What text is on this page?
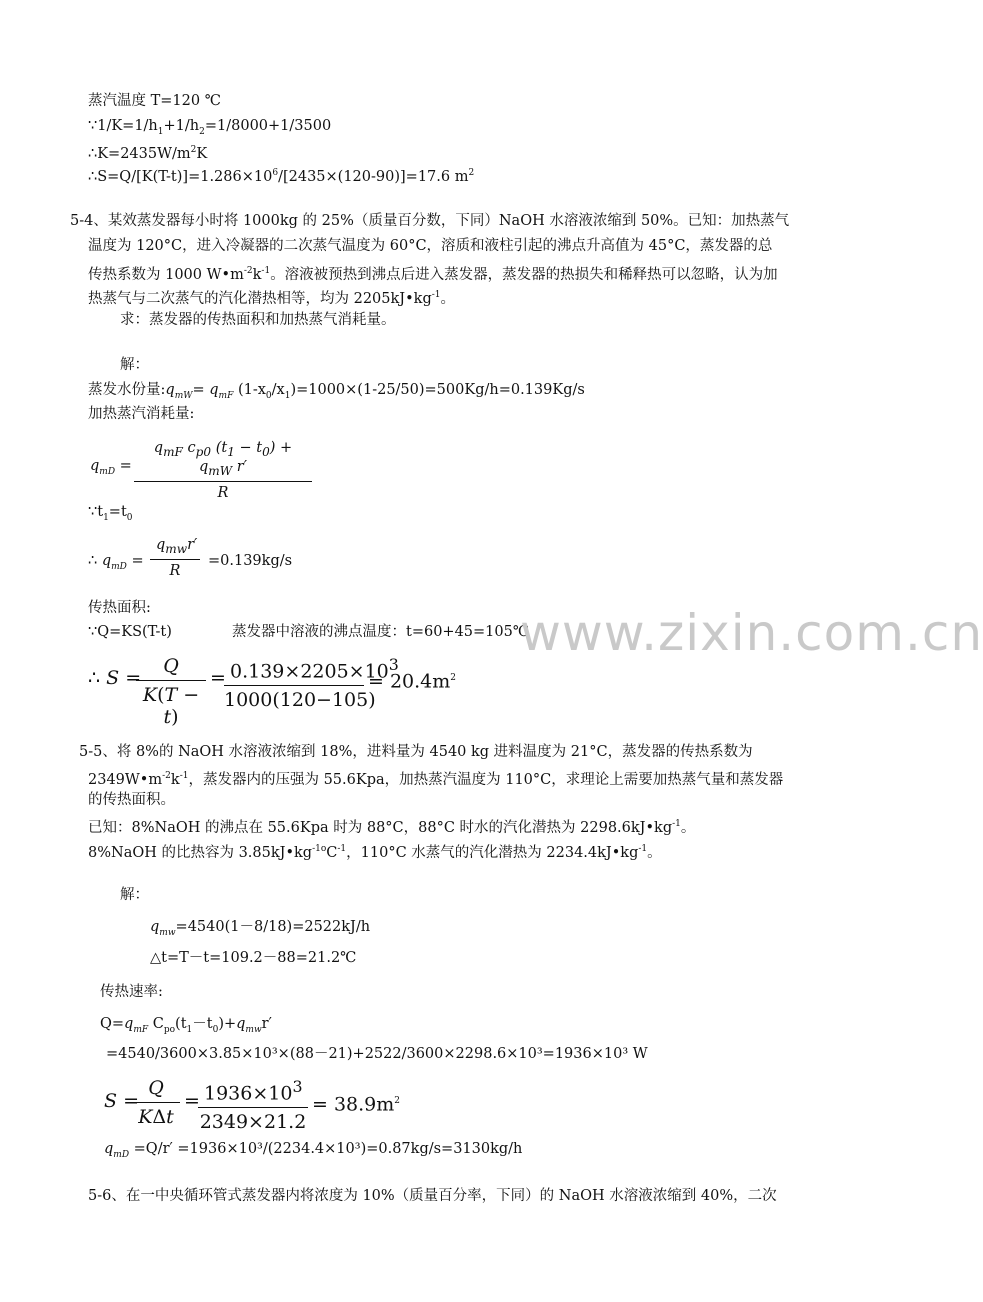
蒸汽温度 T=120 ℃
$\because 1/K=1/h_1+1/h_2=1/8000+1/3500$
$\therefore K=2435W/m^2K$
$\therefore S=Q/[K(T-t)]=1.286\times 10^6/[2435\times(120-90)]=17.6$ $m^2$
5-4、某效蒸发器每小时将 1000kg 的 25%（质量百分数，下同）NaOH 水溶液浓缩到 50%。已知：加热蒸气
温度为 120°C，进入冷凝器的二次蒸气温度为 60°C，溶质和液柱引起的沸点升高值为 45°C，蒸发器的总
传热系数为 1000 $W•m^{-2}k^{-1}$。溶液被预热到沸点后进入蒸发器，蒸发器的热损失和稀释热可以忽略，认为加
热蒸气与二次蒸气的汽化潜热相等，均为 $2205kJ•kg^{-1}$。
求：蒸发器的传热面积和加热蒸气消耗量。
解：
蒸发水份量$:q_{mW}= q_{mF}$ $(1-x_0/x_1)=1000\times(1-25/50)=500Kg/h=0.139Kg/s$
加热蒸汽消耗量:
$q_{mD}$ =
$q_{mF}$ $c_{p0}$ $(t_1 - t_0) + q_{mW}$ r′
R
$\because t_1=t_0$
∴ $q_{mD}$ =
$q_{mw}r'$
R
=0.139kg/s
传热面积:
∵Q=KS(T-t)	蒸发器中溶液的沸点温度：t=60+45=105℃
∴ S =
$\frac{Q}{K(T - t)}$ =
$\frac{0.139\times 2205\times 10^3}{1000(120-105)} = 20.4m^2$
5-5、将 8%的 NaOH 水溶液浓缩到 18%，进料量为 4540 kg 进料温度为 21°C，蒸发器的传热系数为
$2349W•m^{-2}k^{-1}$，蒸发器内的压强为 55.6Kpa，加热蒸汽温度为 110°C，求理论上需要加热蒸气量和蒸发器
的传热面积。
已知：8%NaOH 的沸点在 55.6Kpa 时为 88°C，88°C 时水的汽化潜热为 $2298.6kJ•kg^{-1}$。
8%NaOH 的比热容为 $3.85kJ•kg^{-1o}C^{-1}$，110°C 水蒸气的汽化潜热为 $2234.4kJ•kg^{-1}$。
解：
$q_{mw}=4540(1-8/18)=2522kJ/h$
△t=T－t=109.2－88=21.2℃
传热速率:
$Q=q_{mF}$ $C_{po}(t_1-t_0)+q_{mw}r'$
=4540/3600×3.85×10³×(88－21)+2522/3600×2298.6×10³=1936×10³ W
S =
Q
KΔt
=
$\frac{1936\times 10^3}{2349\times 21.2} = 38.9m^2$
$q_{mD} =Q/r' =1936\times 10^3/(2234.4\times 10^3)=0.87kg/s=3130kg/h$
5-6、在一中央循环管式蒸发器内将浓度为 10%（质量百分率，下同）的 NaOH 水溶液浓缩到 40%，二次
www.zixin.com.cn
